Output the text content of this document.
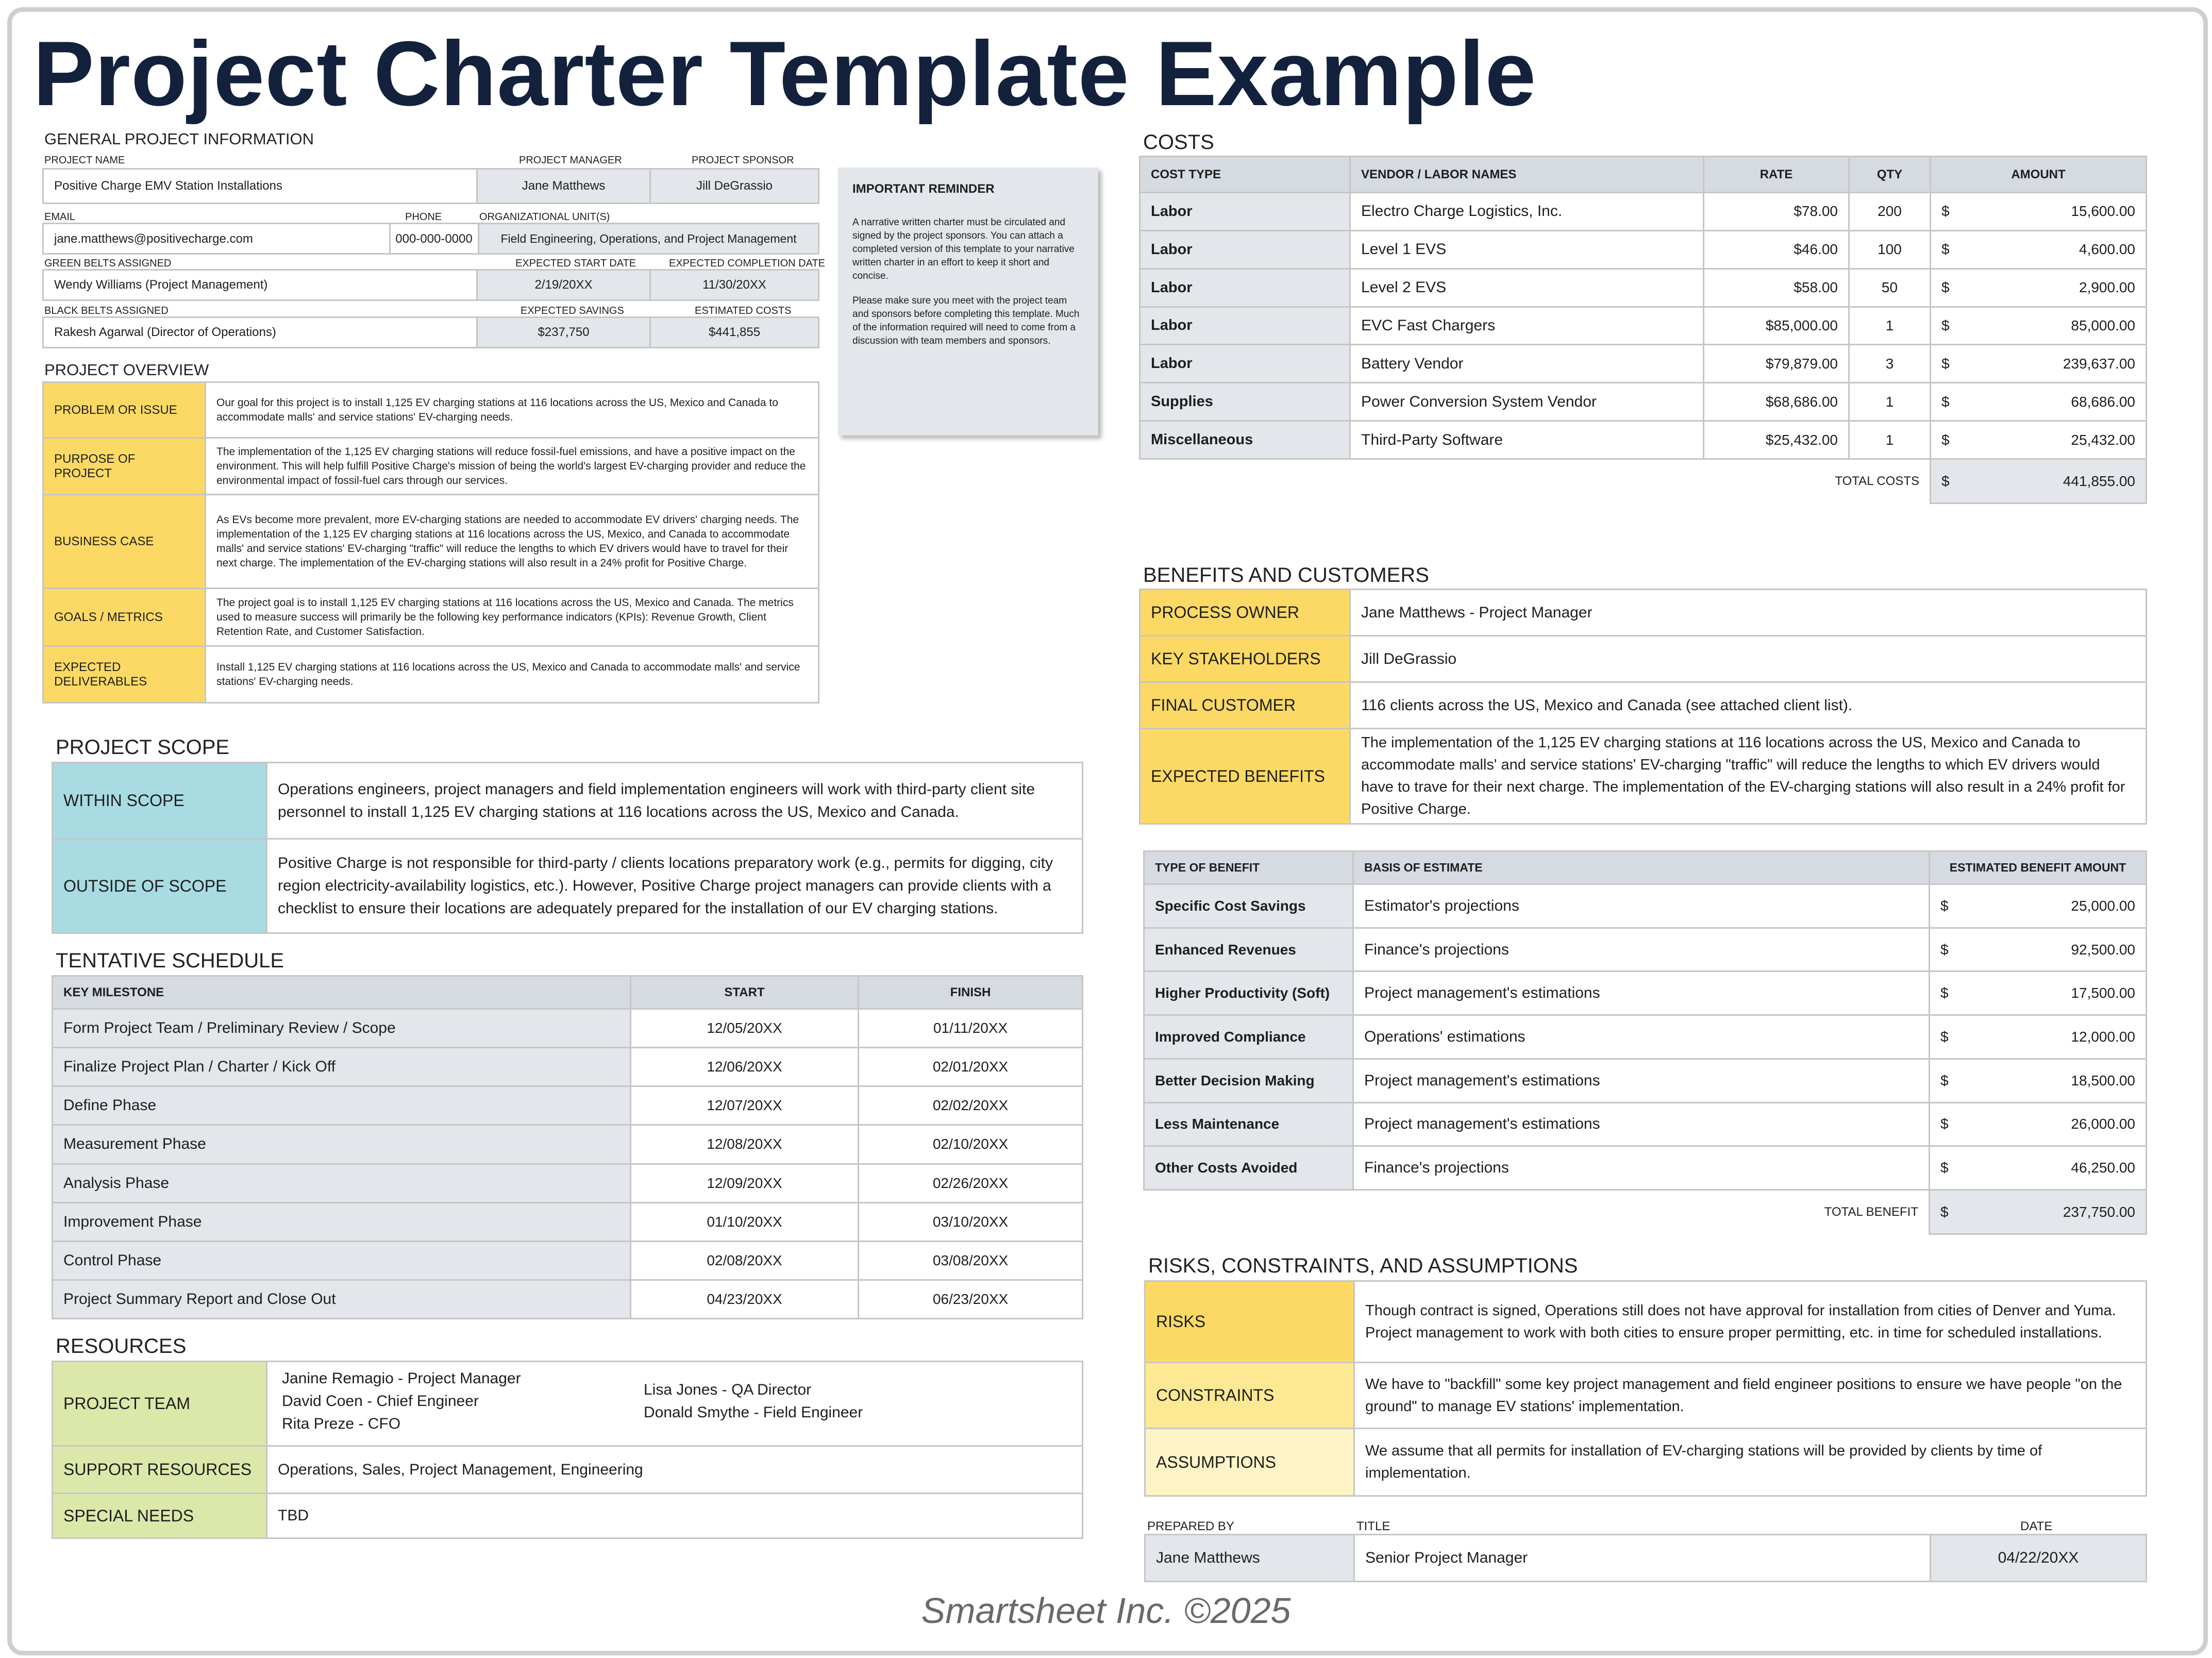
Project Charter Template Example
GENERAL PROJECT INFORMATION
PROJECT NAME	PROJECT MANAGER	PROJECT SPONSOR
Positive Charge EMV Station Installations	Jane Matthews	Jill DeGrassio
EMAIL	PHONE	ORGANIZATIONAL UNIT(S)
jane.matthews@positivecharge.com	000-000-0000	Field Engineering, Operations, and Project Management
GREEN BELTS ASSIGNED	EXPECTED START DATE	EXPECTED COMPLETION DATE
Wendy Williams (Project Management)	2/19/20XX	11/30/20XX
BLACK BELTS ASSIGNED	EXPECTED SAVINGS	ESTIMATED COSTS
Rakesh Agarwal (Director of Operations)	$237,750	$441,855
IMPORTANT REMINDER

A narrative written charter must be circulated and signed by the project sponsors. You can attach a completed version of this template to your narrative written charter in an effort to keep it short and concise.

Please make sure you meet with the project team and sponsors before completing this template. Much of the information required will need to come from a discussion with team members and sponsors.

PROJECT OVERVIEW
PROBLEM OR ISSUE	Our goal for this project is to install 1,125 EV charging stations at 116 locations across the US, Mexico and Canada to accommodate malls' and service stations' EV-charging needs.
PURPOSE OF PROJECT	The implementation of the 1,125 EV charging stations will reduce fossil-fuel emissions, and have a positive impact on the environment. This will help fulfill Positive Charge's mission of being the world's largest EV-charging provider and reduce the environmental impact of fossil-fuel cars through our services.
BUSINESS CASE	As EVs become more prevalent, more EV-charging stations are needed to accommodate EV drivers' charging needs. The implementation of the 1,125 EV charging stations at 116 locations across the US, Mexico, and Canada to accommodate malls' and service stations' EV-charging "traffic" will reduce the lengths to which EV drivers would have to travel for their next charge. The implementation of the EV-charging stations will also result in a 24% profit for Positive Charge.
GOALS / METRICS	The project goal is to install 1,125 EV charging stations at 116 locations across the US, Mexico and Canada. The metrics used to measure success will primarily be the following key performance indicators (KPIs): Revenue Growth, Client Retention Rate, and Customer Satisfaction.
EXPECTED DELIVERABLES	Install 1,125 EV charging stations at 116 locations across the US, Mexico and Canada to accommodate malls' and service stations' EV-charging needs.
PROJECT SCOPE
WITHIN SCOPE	Operations engineers, project managers and field implementation engineers will work with third-party client site personnel to install 1,125 EV charging stations at 116 locations across the US, Mexico and Canada.
OUTSIDE OF SCOPE	Positive Charge is not responsible for third-party / clients locations preparatory work (e.g., permits for digging, city region electricity-availability logistics, etc.). However, Positive Charge project managers can provide clients with a checklist to ensure their locations are adequately prepared for the installation of our EV charging stations.
TENTATIVE SCHEDULE
KEY MILESTONE	START	FINISH
Form Project Team / Preliminary Review / Scope	12/05/20XX	01/11/20XX
Finalize Project Plan / Charter / Kick Off	12/06/20XX	02/01/20XX
Define Phase	12/07/20XX	02/02/20XX
Measurement Phase	12/08/20XX	02/10/20XX
Analysis Phase	12/09/20XX	02/26/20XX
Improvement Phase	01/10/20XX	03/10/20XX
Control Phase	02/08/20XX	03/08/20XX
Project Summary Report and Close Out	04/23/20XX	06/23/20XX
RESOURCES
PROJECT TEAM	Janine Remagio - Project Manager
David Coen - Chief Engineer
Rita Preze - CFO
Lisa Jones - QA Director
Donald Smythe - Field Engineer

SUPPORT RESOURCES	Operations, Sales, Project Management, Engineering
SPECIAL NEEDS	TBD
COSTS
COST TYPE	VENDOR / LABOR NAMES	RATE	QTY	AMOUNT
Labor	Electro Charge Logistics, Inc.	$78.00	200	$ 15,600.00

Labor	Level 1 EVS	$46.00	100	$ 4,600.00

Labor	Level 2 EVS	$58.00	50	$ 2,900.00

Labor	EVC Fast Chargers	$85,000.00	1	$ 85,000.00

Labor	Battery Vendor	$79,879.00	3	$ 239,637.00

Supplies	Power Conversion System Vendor	$68,686.00	1	$ 68,686.00

Miscellaneous	Third-Party Software	$25,432.00	1	$ 25,432.00

TOTAL COSTS				$ 441,855.00
BENEFITS AND CUSTOMERS
PROCESS OWNER	Jane Matthews - Project Manager
KEY STAKEHOLDERS	Jill DeGrassio
FINAL CUSTOMER	116 clients across the US, Mexico and Canada (see attached client list).
EXPECTED BENEFITS	The implementation of the 1,125 EV charging stations at 116 locations across the US, Mexico and Canada to accommodate malls' and service stations' EV-charging "traffic" will reduce the lengths to which EV drivers would have to trave for their next charge. The implementation of the EV-charging stations will also result in a 24% profit for Positive Charge.
TYPE OF BENEFIT	BASIS OF ESTIMATE	ESTIMATED BENEFIT AMOUNT
Specific Cost Savings	Estimator's projections	$ 25,000.00

Enhanced Revenues	Finance's projections	$ 92,500.00

Higher Productivity (Soft)	Project management's estimations	$ 17,500.00

Improved Compliance	Operations' estimations	$ 12,000.00

Better Decision Making	Project management's estimations	$ 18,500.00

Less Maintenance	Project management's estimations	$ 26,000.00

Other Costs Avoided	Finance's projections	$ 46,250.00

TOTAL BENEFIT		$ 237,750.00
RISKS, CONSTRAINTS, AND ASSUMPTIONS
RISKS	Though contract is signed, Operations still does not have approval for installation from cities of Denver and Yuma. Project management to work with both cities to ensure proper permitting, etc. in time for scheduled installations.
CONSTRAINTS	We have to "backfill" some key project management and field engineer positions to ensure we have people "on the ground" to manage EV stations' implementation.
ASSUMPTIONS	We assume that all permits for installation of EV-charging stations will be provided by clients by time of implementation.
PREPARED BY	TITLE	DATE
Jane Matthews	Senior Project Manager	04/22/20XX
Smartsheet Inc. ©2025
